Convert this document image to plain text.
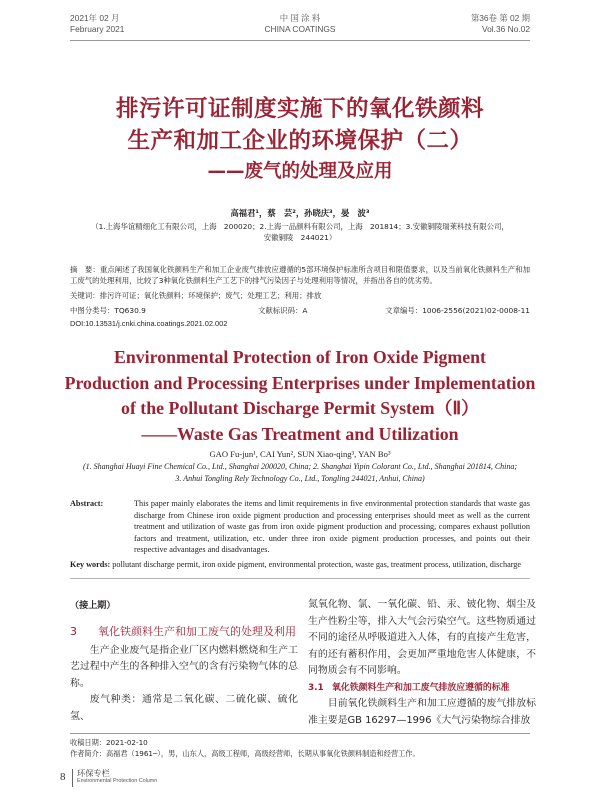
2021年 02 月
February 2021
中 国 涂 料
CHINA COATINGS
第36卷 第 02 期
Vol.36 No.02
排污许可证制度实施下的氧化铁颜料
生产和加工企业的环境保护（二）
——废气的处理及应用
高福君¹，蔡　芸²，孙晓庆³，晏　波³
（1.上海华谊精细化工有限公司，上海　200020；2.上海一品颜料有限公司，上海　201814；3.安徽铜陵瑞莱科技有限公司，
安徽铜陵　244021）
摘　要：重点阐述了我国氧化铁颜料生产和加工企业废气排放应遵循的5部环境保护标准所含项目和限值要求，以及当前氧化铁颜料生产和加工废气的处理利用，比较了3种氧化铁颜料生产工艺下的排气污染因子与处理利用等情况，并指出各自的优劣势。
关键词：排污许可证；氧化铁颜料；环境保护；废气；处理工艺；利用；排放
中图分类号：TQ630.9	文献标识码：A	文章编号：1006-2556(2021)02-0008-11
DOI:10.13531/j.cnki.china.coatings.2021.02.002
Environmental Protection of Iron Oxide Pigment
Production and Processing Enterprises under Implementation
of the Pollutant Discharge Permit System（Ⅱ）
——Waste Gas Treatment and Utilization
GAO Fu-jun¹, CAI Yun², SUN Xiao-qing³, YAN Bo³
(1. Shanghai Huayi Fine Chemical Co., Ltd., Shanghai 200020, China; 2. Shanghai Yipin Colorant Co., Ltd., Shanghai 201814, China;
3. Anhui Tongling Rely Technology Co., Ltd., Tongling 244021, Anhui, China)
Abstract:	This paper mainly elaborates the items and limit requirements in five environmental protection standards that waste gas discharge from Chinese iron oxide pigment production and processing enterprises should meet as well as the current treatment and utilization of waste gas from iron oxide pigment production and processing, compares exhaust pollution factors and treatment, utilization, etc. under three iron oxide pigment production processes, and points out their respective advantages and disadvantages.
Key words: pollutant discharge permit, iron oxide pigment, environmental protection, waste gas, treatment process, utilization, discharge
（接上期）
3 氧化铁颜料生产和加工废气的处理及利用
生产企业废气是指企业厂区内燃料燃烧和生产工艺过程中产生的各种排入空气的含有污染物气体的总称。
废气种类：通常是二氧化碳、二硫化碳、硫化氢、
氮氧化物、氯、一氧化碳、铅、汞、铍化物、烟尘及生产性粉尘等，排入大气会污染空气。这些物质通过不同的途径从呼吸道进入人体，有的直接产生危害，有的还有蓄积作用，会更加严重地危害人体健康，不同物质会有不同影响。
3.1 氧化铁颜料生产和加工废气排放应遵循的标准
目前氧化铁颜料生产和加工应遵循的废气排放标准主要是GB 16297—1996《大气污染物综合排放
收稿日期：2021-02-10
作者简介：高福君（1961─），男，山东人，高级工程师，高级经营师，长期从事氧化铁颜料制造和经营工作。
8 环保专栏
Environmental Protection Column
